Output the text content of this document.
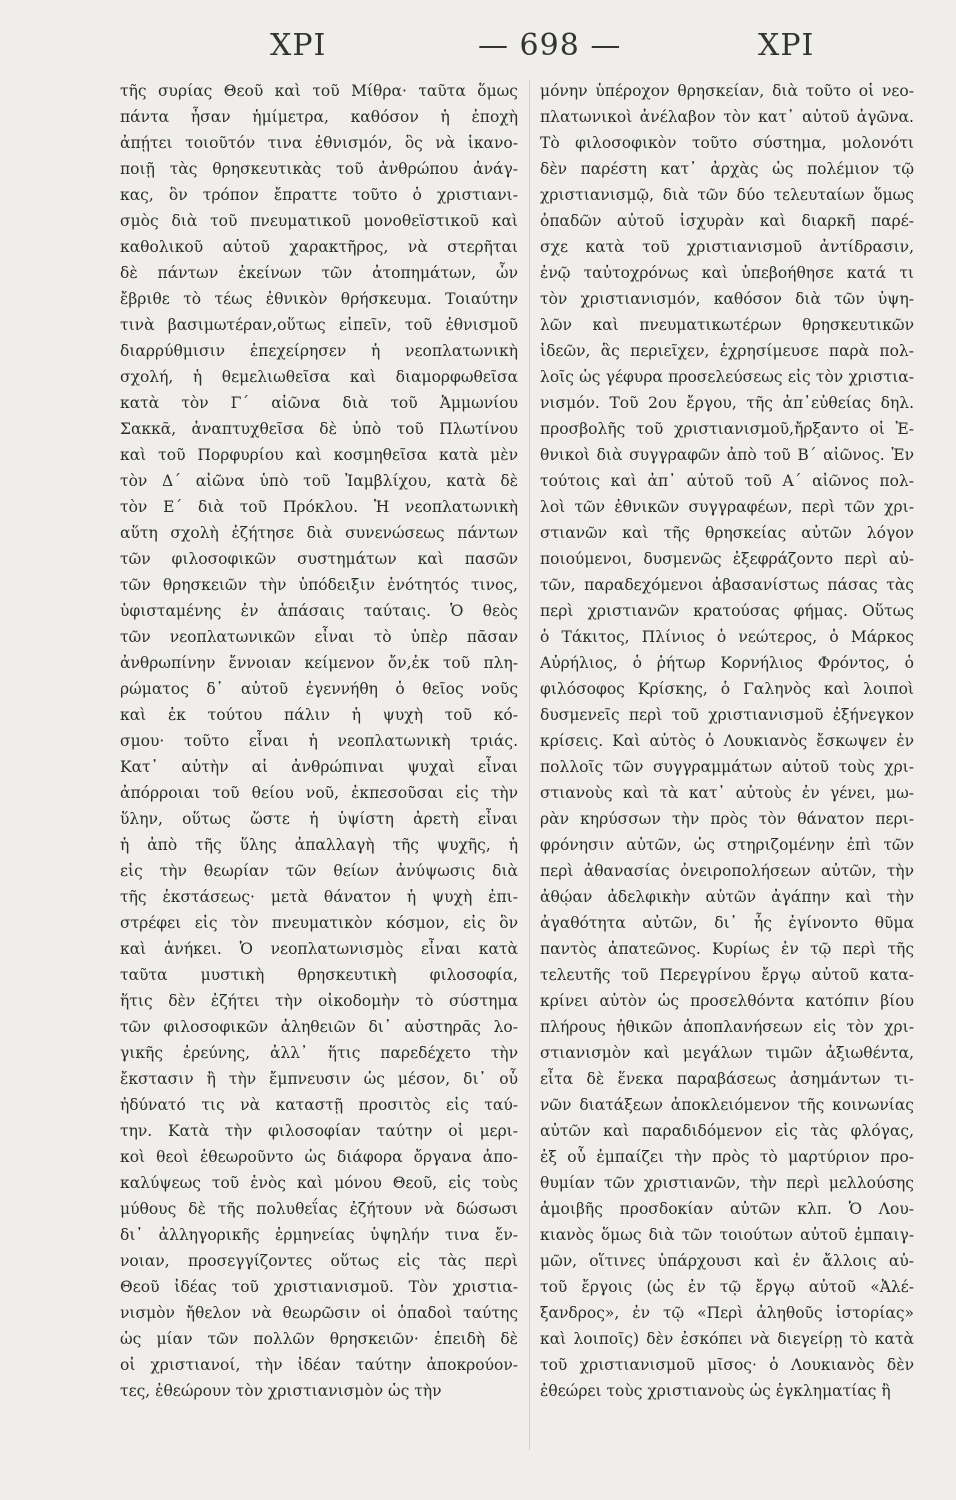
ΧΡΙ	— 698 —	ΧΡΙ
τῆς συρίας Θεοῦ καὶ τοῦ Μίθρα· ταῦτα ὅμως
πάντα ἦσαν ἡμίμετρα, καθόσον ἡ ἐποχὴ
ἀπῄτει τοιοῦτόν τινα ἐθνισμόν, ὃς νὰ ἱκανο-
ποιῇ τὰς θρησκευτικὰς τοῦ ἀνθρώπου ἀνάγ-
κας, ὃν τρόπον ἔπραττε τοῦτο ὁ χριστιανι-
σμὸς διὰ τοῦ πνευματικοῦ μονοθεϊστικοῦ καὶ
καθολικοῦ αὐτοῦ χαρακτῆρος, νὰ στερῆται
δὲ πάντων ἐκείνων τῶν ἀτοπημάτων, ὧν
ἔβριθε τὸ τέως ἐθνικὸν θρήσκευμα. Τοιαύτην
τινὰ βασιμωτέραν,οὕτως εἰπεῖν, τοῦ ἐθνισμοῦ
διαρρύθμισιν ἐπεχείρησεν ἡ νεοπλατωνικὴ
σχολή, ἡ θεμελιωθεῖσα καὶ διαμορφωθεῖσα
κατὰ τὸν Γ΄ αἰῶνα διὰ τοῦ Ἀμμωνίου
Σακκᾶ, ἀναπτυχθεῖσα δὲ ὑπὸ τοῦ Πλωτίνου
καὶ τοῦ Πορφυρίου καὶ κοσμηθεῖσα κατὰ μὲν
τὸν Δ΄ αἰῶνα ὑπὸ τοῦ Ἰαμβλίχου, κατὰ δὲ
τὸν Ε΄ διὰ τοῦ Πρόκλου. Ἡ νεοπλατωνικὴ
αὕτη σχολὴ ἐζήτησε διὰ συνενώσεως πάντων
τῶν φιλοσοφικῶν συστημάτων καὶ πασῶν
τῶν θρησκειῶν τὴν ὑπόδειξιν ἑνότητός τινος,
ὑφισταμένης ἐν ἁπάσαις ταύταις. Ὁ θεὸς
τῶν νεοπλατωνικῶν εἶναι τὸ ὑπὲρ πᾶσαν
ἀνθρωπίνην ἔννοιαν κείμενον ὄν,ἐκ τοῦ πλη-
ρώματος δ᾽ αὐτοῦ ἐγεννήθη ὁ θεῖος νοῦς
καὶ ἐκ τούτου πάλιν ἡ ψυχὴ τοῦ κό-
σμου· τοῦτο εἶναι ἡ νεοπλατωνικὴ τριάς.
Κατ᾽ αὐτὴν αἱ ἀνθρώπιναι ψυχαὶ εἶναι
ἀπόρροιαι τοῦ θείου νοῦ, ἐκπεσοῦσαι εἰς τὴν
ὕλην, οὕτως ὥστε ἡ ὑψίστη ἀρετὴ εἶναι
ἡ ἀπὸ τῆς ὕλης ἀπαλλαγὴ τῆς ψυχῆς, ἡ
εἰς τὴν θεωρίαν τῶν θείων ἀνύψωσις διὰ
τῆς ἐκστάσεως· μετὰ θάνατον ἡ ψυχὴ ἐπι-
στρέφει εἰς τὸν πνευματικὸν κόσμον, εἰς ὃν
καὶ ἀνήκει. Ὁ νεοπλατωνισμὸς εἶναι κατὰ
ταῦτα μυστικὴ θρησκευτικὴ φιλοσοφία,
ἥτις δὲν ἐζήτει τὴν οἰκοδομὴν τὸ σύστημα
τῶν φιλοσοφικῶν ἀληθειῶν δι᾽ αὐστηρᾶς λο-
γικῆς ἐρεύνης, ἀλλ᾽ ἥτις παρεδέχετο τὴν
ἔκστασιν ἢ τὴν ἔμπνευσιν ὡς μέσον, δι᾽ οὗ
ἠδύνατό τις νὰ καταστῇ προσιτὸς εἰς ταύ-
την. Κατὰ τὴν φιλοσοφίαν ταύτην οἱ μερι-
κοὶ θεοὶ ἐθεωροῦντο ὡς διάφορα ὄργανα ἀπο-
καλύψεως τοῦ ἑνὸς καὶ μόνου Θεοῦ, εἰς τοὺς
μύθους δὲ τῆς πολυθεΐας ἐζήτουν νὰ δώσωσι
δι᾽ ἀλληγορικῆς ἑρμηνείας ὑψηλήν τινα ἔν-
νοιαν, προσεγγίζοντες οὕτως εἰς τὰς περὶ
Θεοῦ ἰδέας τοῦ χριστιανισμοῦ. Τὸν χριστια-
νισμὸν ἤθελον νὰ θεωρῶσιν οἱ ὀπαδοὶ ταύτης
ὡς μίαν τῶν πολλῶν θρησκειῶν· ἐπειδὴ δὲ
οἱ χριστιανοί, τὴν ἰδέαν ταύτην ἀποκρούον-
τες, ἐθεώρουν τὸν χριστιανισμὸν ὡς τὴν
μόνην ὑπέροχον θρησκείαν, διὰ τοῦτο οἱ νεο-
πλατωνικοὶ ἀνέλαβον τὸν κατ᾽ αὐτοῦ ἀγῶνα.
Τὸ φιλοσοφικὸν τοῦτο σύστημα, μολονότι
δὲν παρέστη κατ᾽ ἀρχὰς ὡς πολέμιον τῷ
χριστιανισμῷ, διὰ τῶν δύο τελευταίων ὅμως
ὀπαδῶν αὐτοῦ ἰσχυρὰν καὶ διαρκῆ παρέ-
σχε κατὰ τοῦ χριστιανισμοῦ ἀντίδρασιν,
ἐνῷ ταὐτοχρόνως καὶ ὑπεβοήθησε κατά τι
τὸν χριστιανισμόν, καθόσον διὰ τῶν ὑψη-
λῶν καὶ πνευματικωτέρων θρησκευτικῶν
ἰδεῶν, ἃς περιεῖχεν, ἐχρησίμευσε παρὰ πολ-
λοῖς ὡς γέφυρα προσελεύσεως εἰς τὸν χριστια-
νισμόν. Τοῦ 2ου ἔργου, τῆς ἀπ᾽εὐθείας δηλ.
προσβολῆς τοῦ χριστιανισμοῦ,ἤρξαντο οἱ Ἐ-
θνικοὶ διὰ συγγραφῶν ἀπὸ τοῦ Β΄ αἰῶνος. Ἐν
τούτοις καὶ ἀπ᾽ αὐτοῦ τοῦ Α΄ αἰῶνος πολ-
λοὶ τῶν ἐθνικῶν συγγραφέων, περὶ τῶν χρι-
στιανῶν καὶ τῆς θρησκείας αὐτῶν λόγον
ποιούμενοι, δυσμενῶς ἐξεφράζοντο περὶ αὐ-
τῶν, παραδεχόμενοι ἀβασανίστως πάσας τὰς
περὶ χριστιανῶν κρατούσας φήμας. Οὕτως
ὁ Τάκιτος, Πλίνιος ὁ νεώτερος, ὁ Μάρκος
Αὐρήλιος, ὁ ῥήτωρ Κορνήλιος Φρόντος, ὁ
φιλόσοφος Κρίσκης, ὁ Γαληνὸς καὶ λοιποὶ
δυσμενεῖς περὶ τοῦ χριστιανισμοῦ ἐξήνεγκον
κρίσεις. Καὶ αὐτὸς ὁ Λουκιανὸς ἔσκωψεν ἐν
πολλοῖς τῶν συγγραμμάτων αὐτοῦ τοὺς χρι-
στιανοὺς καὶ τὰ κατ᾽ αὐτοὺς ἐν γένει, μω-
ρὰν κηρύσσων τὴν πρὸς τὸν θάνατον περι-
φρόνησιν αὐτῶν, ὡς στηριζομένην ἐπὶ τῶν
περὶ ἀθανασίας ὀνειροπολήσεων αὐτῶν, τὴν
ἀθῴαν ἀδελφικὴν αὐτῶν ἀγάπην καὶ τὴν
ἀγαθότητα αὐτῶν, δι᾽ ἧς ἐγίνοντο θῦμα
παντὸς ἀπατεῶνος. Κυρίως ἐν τῷ περὶ τῆς
τελευτῆς τοῦ Περεγρίνου ἔργῳ αὐτοῦ κατα-
κρίνει αὐτὸν ὡς προσελθόντα κατόπιν βίου
πλήρους ἠθικῶν ἀποπλανήσεων εἰς τὸν χρι-
στιανισμὸν καὶ μεγάλων τιμῶν ἀξιωθέντα,
εἶτα δὲ ἕνεκα παραβάσεως ἀσημάντων τι-
νῶν διατάξεων ἀποκλειόμενον τῆς κοινωνίας
αὐτῶν καὶ παραδιδόμενον εἰς τὰς φλόγας,
ἐξ οὗ ἐμπαίζει τὴν πρὸς τὸ μαρτύριον προ-
θυμίαν τῶν χριστιανῶν, τὴν περὶ μελλούσης
ἀμοιβῆς προσδοκίαν αὐτῶν κλπ. Ὁ Λου-
κιανὸς ὅμως διὰ τῶν τοιούτων αὐτοῦ ἐμπαιγ-
μῶν, οἵτινες ὑπάρχουσι καὶ ἐν ἄλλοις αὐ-
τοῦ ἔργοις (ὡς ἐν τῷ ἔργῳ αὐτοῦ «Ἀλέ-
ξανδρος», ἐν τῷ «Περὶ ἀληθοῦς ἱστορίας»
καὶ λοιποῖς) δὲν ἐσκόπει νὰ διεγείρῃ τὸ κατὰ
τοῦ χριστιανισμοῦ μῖσος· ὁ Λουκιανὸς δὲν
ἐθεώρει τοὺς χριστιανοὺς ὡς ἐγκληματίας ἢ
